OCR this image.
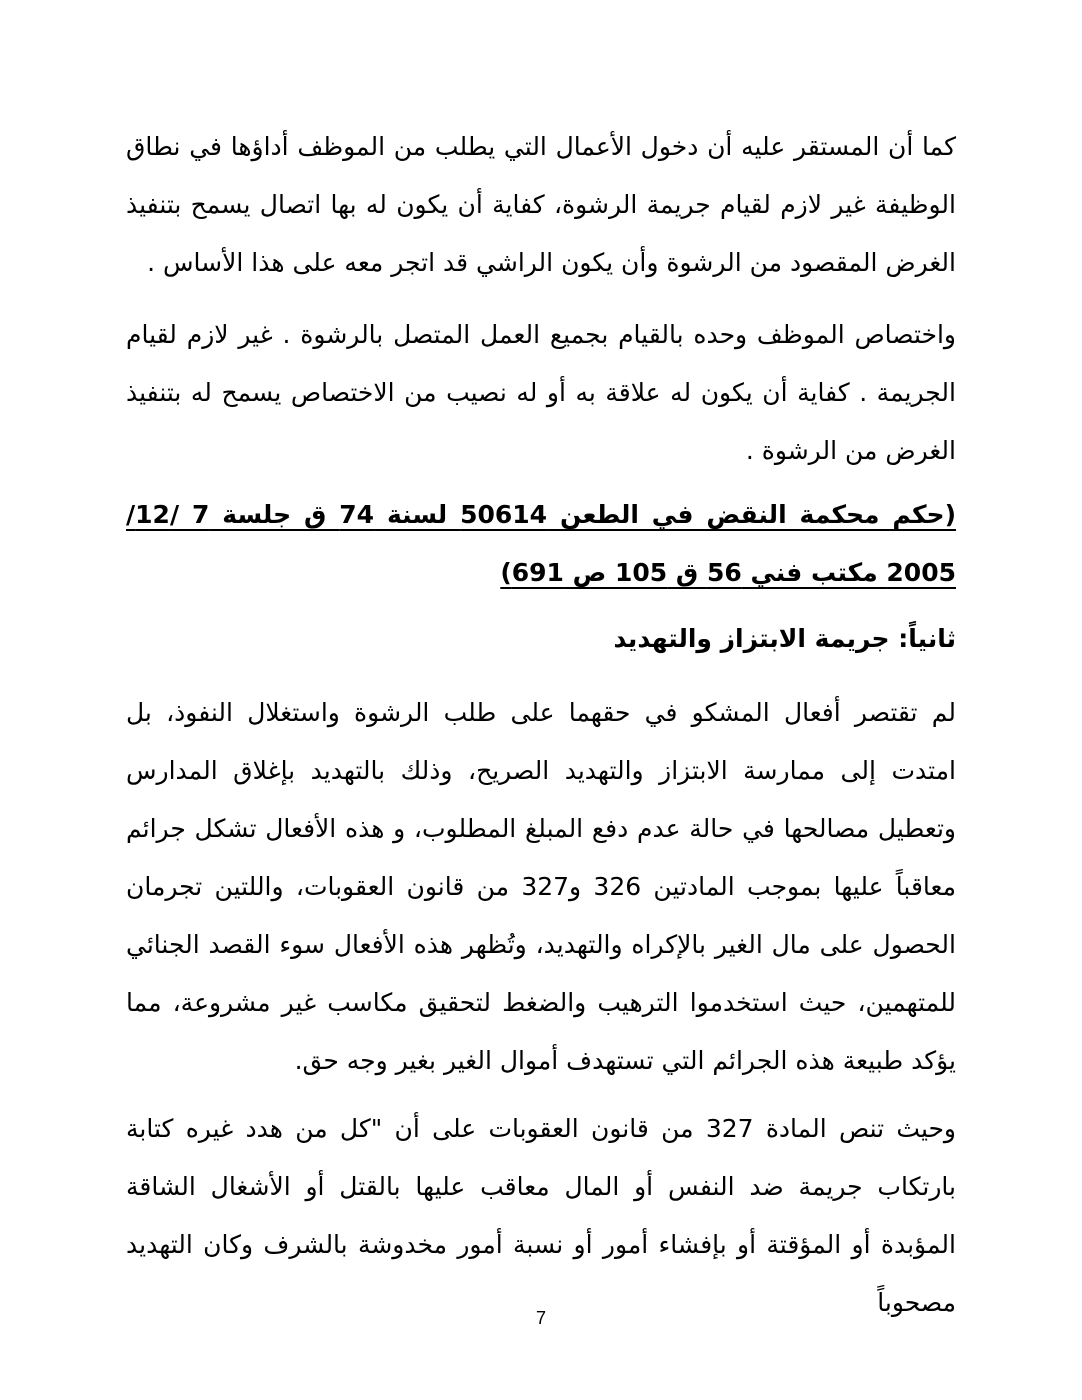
كما أن المستقر عليه أن دخول الأعمال التي يطلب من الموظف أداؤها في نطاق الوظيفة غير لازم لقيام جريمة الرشوة، كفاية أن يكون له بها اتصال يسمح بتنفيذ الغرض المقصود من الرشوة وأن يكون الراشي قد اتجر معه على هذا الأساس .

واختصاص الموظف وحده بالقيام بجميع العمل المتصل بالرشوة . غير لازم لقيام الجريمة . كفاية أن يكون له علاقة به أو له نصيب من الاختصاص يسمح له بتنفيذ الغرض من الرشوة .

(حكم محكمة النقض في الطعن 50614 لسنة 74 ق جلسة 7 /12/ 2005 مكتب فني 56 ق 105 ص 691)

ثانياً: جريمة الابتزاز والتهديد

لم تقتصر أفعال المشكو في حقهما على طلب الرشوة واستغلال النفوذ، بل امتدت إلى ممارسة الابتزاز والتهديد الصريح، وذلك بالتهديد بإغلاق المدارس وتعطيل مصالحها في حالة عدم دفع المبلغ المطلوب، و هذه الأفعال تشكل جرائم معاقباً عليها بموجب المادتين 326 و327 من قانون العقوبات، واللتين تجرمان الحصول على مال الغير بالإكراه والتهديد، وتُظهر هذه الأفعال سوء القصد الجنائي للمتهمين، حيث استخدموا الترهيب والضغط لتحقيق مكاسب غير مشروعة، مما يؤكد طبيعة هذه الجرائم التي تستهدف أموال الغير بغير وجه حق.

وحيث تنص المادة 327 من قانون العقوبات على أن "كل من هدد غيره كتابة بارتكاب جريمة ضد النفس أو المال معاقب عليها بالقتل أو الأشغال الشاقة المؤبدة أو المؤقتة أو بإفشاء أمور أو نسبة أمور مخدوشة بالشرف وكان التهديد مصحوباً

7
